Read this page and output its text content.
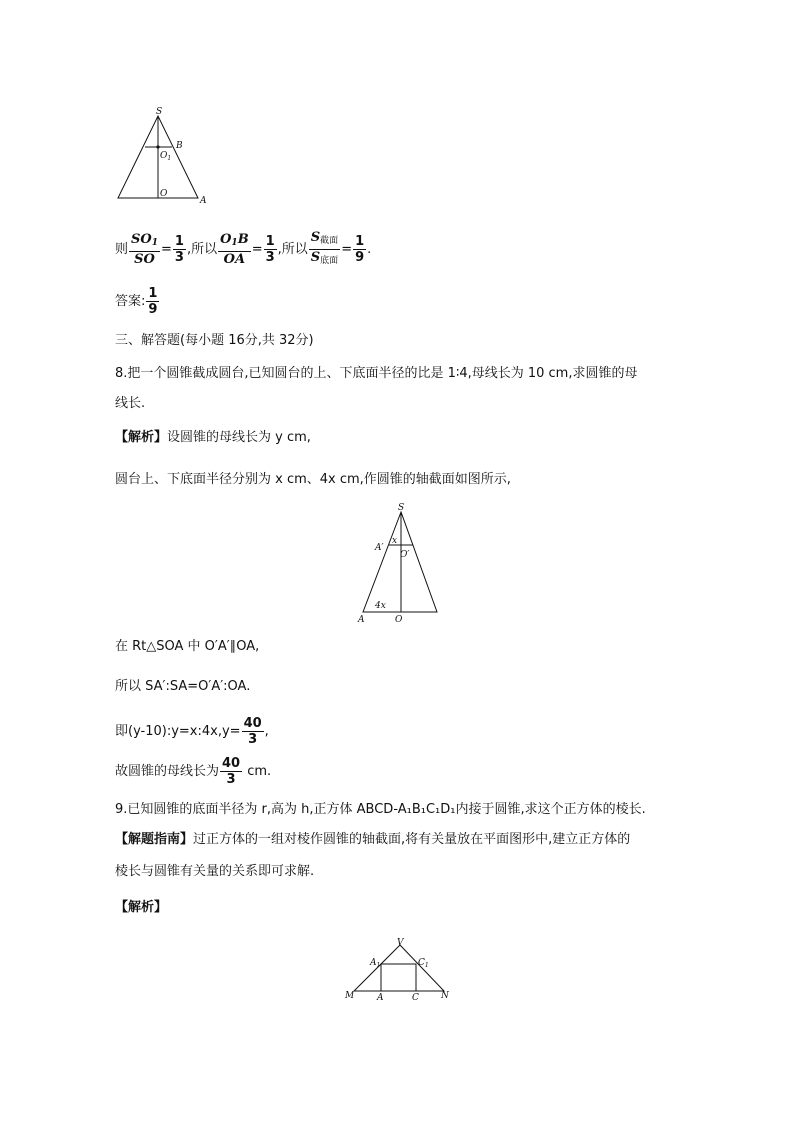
S
B
$O_1$
O
A
则 $\frac{SO_1}{SO} = \frac{1}{3}$ ,所以 $\frac{O_1B}{OA} = \frac{1}{3}$ ,所以 $\frac{S_{截面}}{S_{底面}} = \frac{1}{9}$ .
答案: $\frac{1}{9}$
三、解答题(每小题 16分,共 32分)
8.把一个圆锥截成圆台,已知圆台的上、下底面半径的比是 1∶4,母线长为 10 cm,求圆锥的母
线长.
【解析】设圆锥的母线长为 y cm,
圆台上、下底面半径分别为 x cm、4x cm,作圆锥的轴截面如图所示,
S
A′
x
O′
4x
A	O
在 Rt△SOA 中 O′A′∥OA,
所以 SA′:SA=O′A′:OA.
即(y-10):y=x:4x,y= $\frac{40}{3}$ ,
故圆锥的母线长为 $\frac{40}{3}$ cm.
9.已知圆锥的底面半径为 r,高为 h,正方体 ABCD-A₁B₁C₁D₁内接于圆锥,求这个正方体的棱长.
【解题指南】过正方体的一组对棱作圆锥的轴截面,将有关量放在平面图形中,建立正方体的
棱长与圆锥有关量的关系即可求解.
【解析】
V
$A_1$	$C_1$
M	A	C N
